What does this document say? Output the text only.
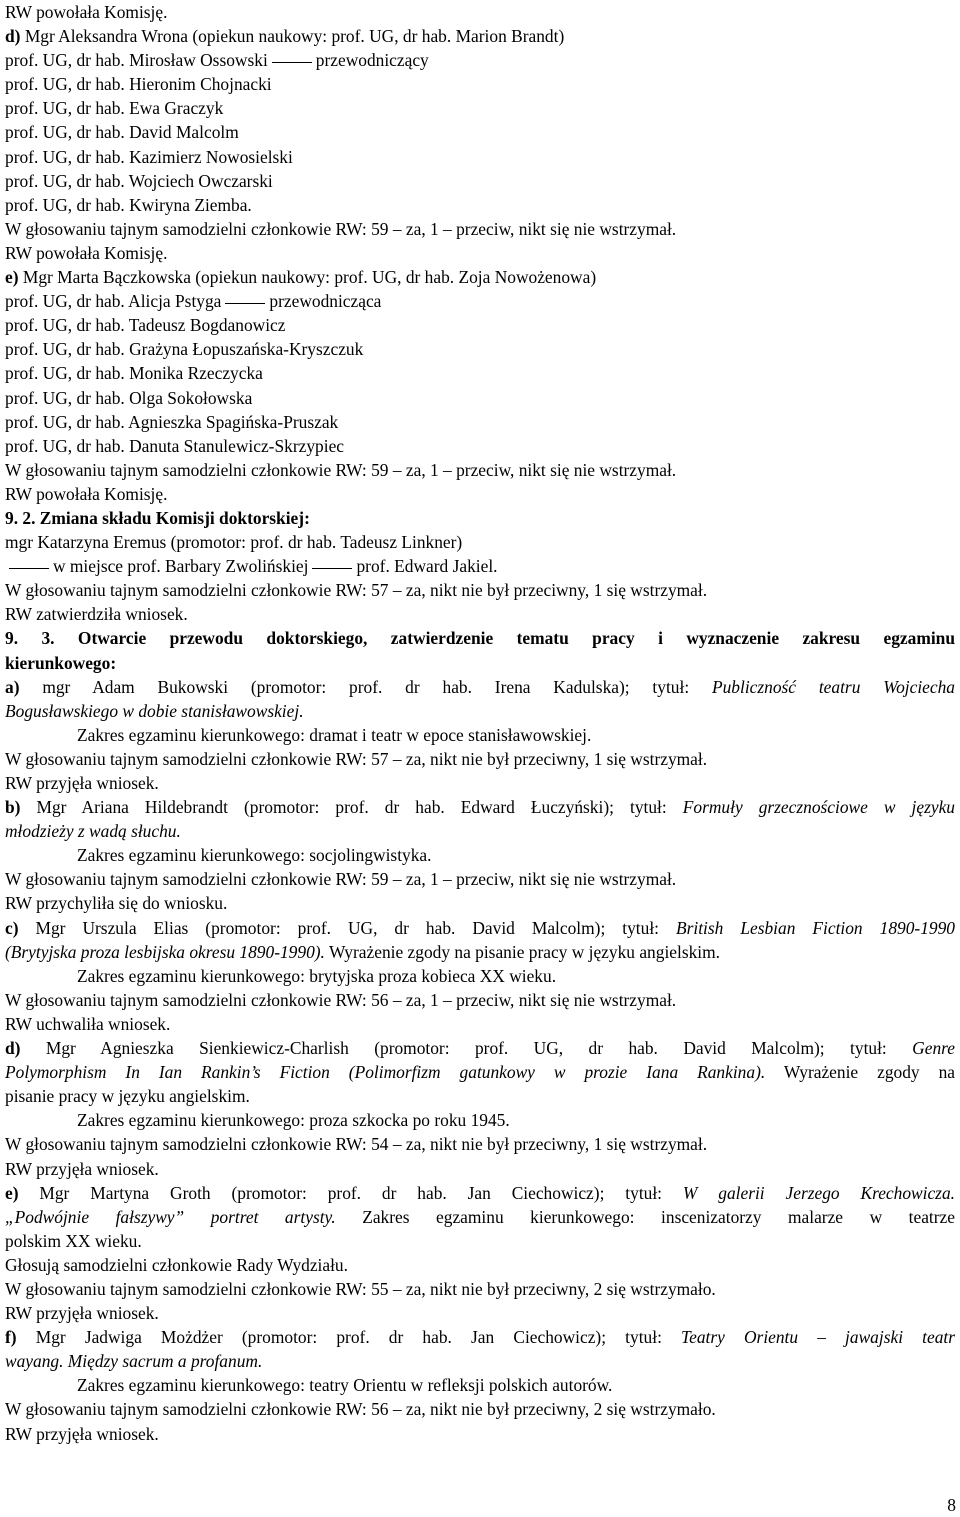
RW powołała Komisję.
d) Mgr Aleksandra Wrona (opiekun naukowy: prof. UG, dr hab. Marion Brandt)
prof. UG, dr hab. Mirosław Ossowski	przewodniczący
prof. UG, dr hab. Hieronim Chojnacki
prof. UG, dr hab. Ewa Graczyk
prof. UG, dr hab. David Malcolm
prof. UG, dr hab. Kazimierz Nowosielski
prof. UG, dr hab. Wojciech Owczarski
prof. UG, dr hab. Kwiryna Ziemba.
W głosowaniu tajnym samodzielni członkowie RW: 59 – za, 1 – przeciw, nikt się nie wstrzymał.
RW powołała Komisję.
e) Mgr Marta Bączkowska (opiekun naukowy: prof. UG, dr hab. Zoja Nowożenowa)
prof. UG, dr hab. Alicja Pstyga	przewodnicząca
prof. UG, dr hab. Tadeusz Bogdanowicz
prof. UG, dr hab. Grażyna Łopuszańska-Kryszczuk
prof. UG, dr hab. Monika Rzeczycka
prof. UG, dr hab. Olga Sokołowska
prof. UG, dr hab. Agnieszka Spagińska-Pruszak
prof. UG, dr hab. Danuta Stanulewicz-Skrzypiec
W głosowaniu tajnym samodzielni członkowie RW: 59 – za, 1 – przeciw, nikt się nie wstrzymał.
RW powołała Komisję.
9. 2. Zmiana składu Komisji doktorskiej:
mgr Katarzyna Eremus (promotor: prof. dr hab. Tadeusz Linkner)
w miejsce prof. Barbary Zwolińskiej	prof. Edward Jakiel.
W głosowaniu tajnym samodzielni członkowie RW: 57 – za, nikt nie był przeciwny, 1 się wstrzymał.
RW zatwierdziła wniosek.
9. 3. Otwarcie przewodu doktorskiego, zatwierdzenie tematu pracy i wyznaczenie zakresu egzaminu
kierunkowego:
a) mgr Adam Bukowski (promotor: prof. dr hab. Irena Kadulska); tytuł: Publiczność teatru Wojciecha
Bogusławskiego w dobie stanisławowskiej.
Zakres egzaminu kierunkowego: dramat i teatr w epoce stanisławowskiej.
W głosowaniu tajnym samodzielni członkowie RW: 57 – za, nikt nie był przeciwny, 1 się wstrzymał.
RW przyjęła wniosek.
b) Mgr Ariana Hildebrandt (promotor: prof. dr hab. Edward Łuczyński); tytuł: Formuły grzecznościowe w języku
młodzieży z wadą słuchu.
Zakres egzaminu kierunkowego: socjolingwistyka.
W głosowaniu tajnym samodzielni członkowie RW: 59 – za, 1 – przeciw, nikt się nie wstrzymał.
RW przychyliła się do wniosku.
c) Mgr Urszula Elias (promotor: prof. UG, dr hab. David Malcolm); tytuł: British Lesbian Fiction 1890-1990
(Brytyjska proza lesbijska okresu 1890-1990). Wyrażenie zgody na pisanie pracy w języku angielskim.
Zakres egzaminu kierunkowego: brytyjska proza kobieca XX wieku.
W głosowaniu tajnym samodzielni członkowie RW: 56 – za, 1 – przeciw, nikt się nie wstrzymał.
RW uchwaliła wniosek.
d) Mgr Agnieszka Sienkiewicz-Charlish (promotor: prof. UG, dr hab. David Malcolm); tytuł: Genre
Polymorphism In Ian Rankin’s Fiction (Polimorfizm gatunkowy w prozie Iana Rankina). Wyrażenie zgody na
pisanie pracy w języku angielskim.
Zakres egzaminu kierunkowego: proza szkocka po roku 1945.
W głosowaniu tajnym samodzielni członkowie RW: 54 – za, nikt nie był przeciwny, 1 się wstrzymał.
RW przyjęła wniosek.
e) Mgr Martyna Groth (promotor: prof. dr hab. Jan Ciechowicz); tytuł: W galerii Jerzego Krechowicza.
„Podwójnie fałszywy” portret artysty. Zakres egzaminu kierunkowego: inscenizatorzy malarze w teatrze
polskim XX wieku.
Głosują samodzielni członkowie Rady Wydziału.
W głosowaniu tajnym samodzielni członkowie RW: 55 – za, nikt nie był przeciwny, 2 się wstrzymało.
RW przyjęła wniosek.
f) Mgr Jadwiga Możdżer (promotor: prof. dr hab. Jan Ciechowicz); tytuł: Teatry Orientu – jawajski teatr
wayang. Między sacrum a profanum.
Zakres egzaminu kierunkowego: teatry Orientu w refleksji polskich autorów.
W głosowaniu tajnym samodzielni członkowie RW: 56 – za, nikt nie był przeciwny, 2 się wstrzymało.
RW przyjęła wniosek.
8
